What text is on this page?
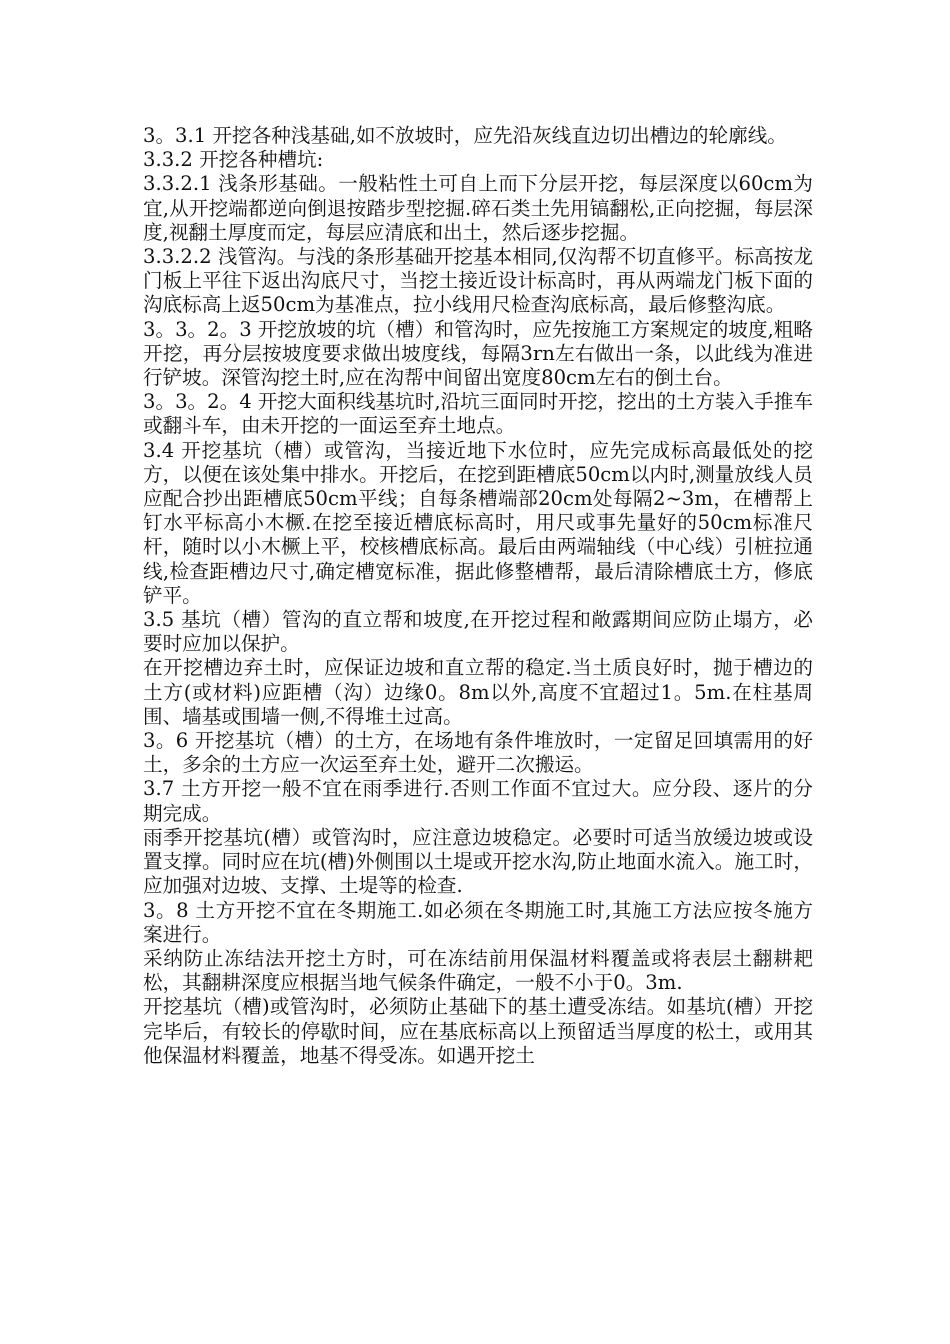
3。3.1 开挖各种浅基础,如不放坡时，应先沿灰线直边切出槽边的轮廓线。

3.3.2 开挖各种槽坑:

3.3.2.1 浅条形基础。一般粘性土可自上而下分层开挖，每层深度以60cm为宜,从开挖端都逆向倒退按踏步型挖掘.碎石类土先用镐翻松,正向挖掘，每层深度,视翻土厚度而定，每层应清底和出土，然后逐步挖掘。

3.3.2.2 浅管沟。与浅的条形基础开挖基本相同,仅沟帮不切直修平。标高按龙门板上平往下返出沟底尺寸，当挖土接近设计标高时，再从两端龙门板下面的沟底标高上返50cm为基准点，拉小线用尺检查沟底标高，最后修整沟底。

3。3。2。3 开挖放坡的坑（槽）和管沟时，应先按施工方案规定的坡度,粗略开挖，再分层按坡度要求做出坡度线，每隔3rn左右做出一条，以此线为准进行铲坡。深管沟挖土时,应在沟帮中间留出宽度80cm左右的倒土台。

3。3。2。4 开挖大面积线基坑时,沿坑三面同时开挖，挖出的土方装入手推车或翻斗车，由未开挖的一面运至弃土地点。

3.4 开挖基坑（槽）或管沟，当接近地下水位时，应先完成标高最低处的挖方，以便在该处集中排水。开挖后，在挖到距槽底50cm以内时,测量放线人员应配合抄出距槽底50cm平线；自每条槽端部20cm处每隔2~3m，在槽帮上钉水平标高小木橛.在挖至接近槽底标高时，用尺或事先量好的50cm标准尺杆，随时以小木橛上平，校核槽底标高。最后由两端轴线（中心线）引桩拉通线,检查距槽边尺寸,确定槽宽标准，据此修整槽帮，最后清除槽底土方，修底铲平。

3.5 基坑（槽）管沟的直立帮和坡度,在开挖过程和敞露期间应防止塌方，必要时应加以保护。

在开挖槽边弃土时，应保证边坡和直立帮的稳定.当土质良好时，抛于槽边的土方(或材料)应距槽（沟）边缘0。8m以外,高度不宜超过1。5m.在柱基周围、墙基或围墙一侧,不得堆土过高。

3。6 开挖基坑（槽）的土方，在场地有条件堆放时，一定留足回填需用的好土，多余的土方应一次运至弃土处，避开二次搬运。

3.7 土方开挖一般不宜在雨季进行.否则工作面不宜过大。应分段、逐片的分期完成。

雨季开挖基坑(槽）或管沟时，应注意边坡稳定。必要时可适当放缓边坡或设置支撑。同时应在坑(槽)外侧围以土堤或开挖水沟,防止地面水流入。施工时，应加强对边坡、支撑、土堤等的检查.

3。8 土方开挖不宜在冬期施工.如必须在冬期施工时,其施工方法应按冬施方案进行。

采纳防止冻结法开挖土方时，可在冻结前用保温材料覆盖或将表层土翻耕耙松，其翻耕深度应根据当地气候条件确定，一般不小于0。3m.

开挖基坑（槽)或管沟时，必须防止基础下的基土遭受冻结。如基坑(槽）开挖完毕后，有较长的停歇时间，应在基底标高以上预留适当厚度的松土，或用其他保温材料覆盖，地基不得受冻。如遇开挖土
